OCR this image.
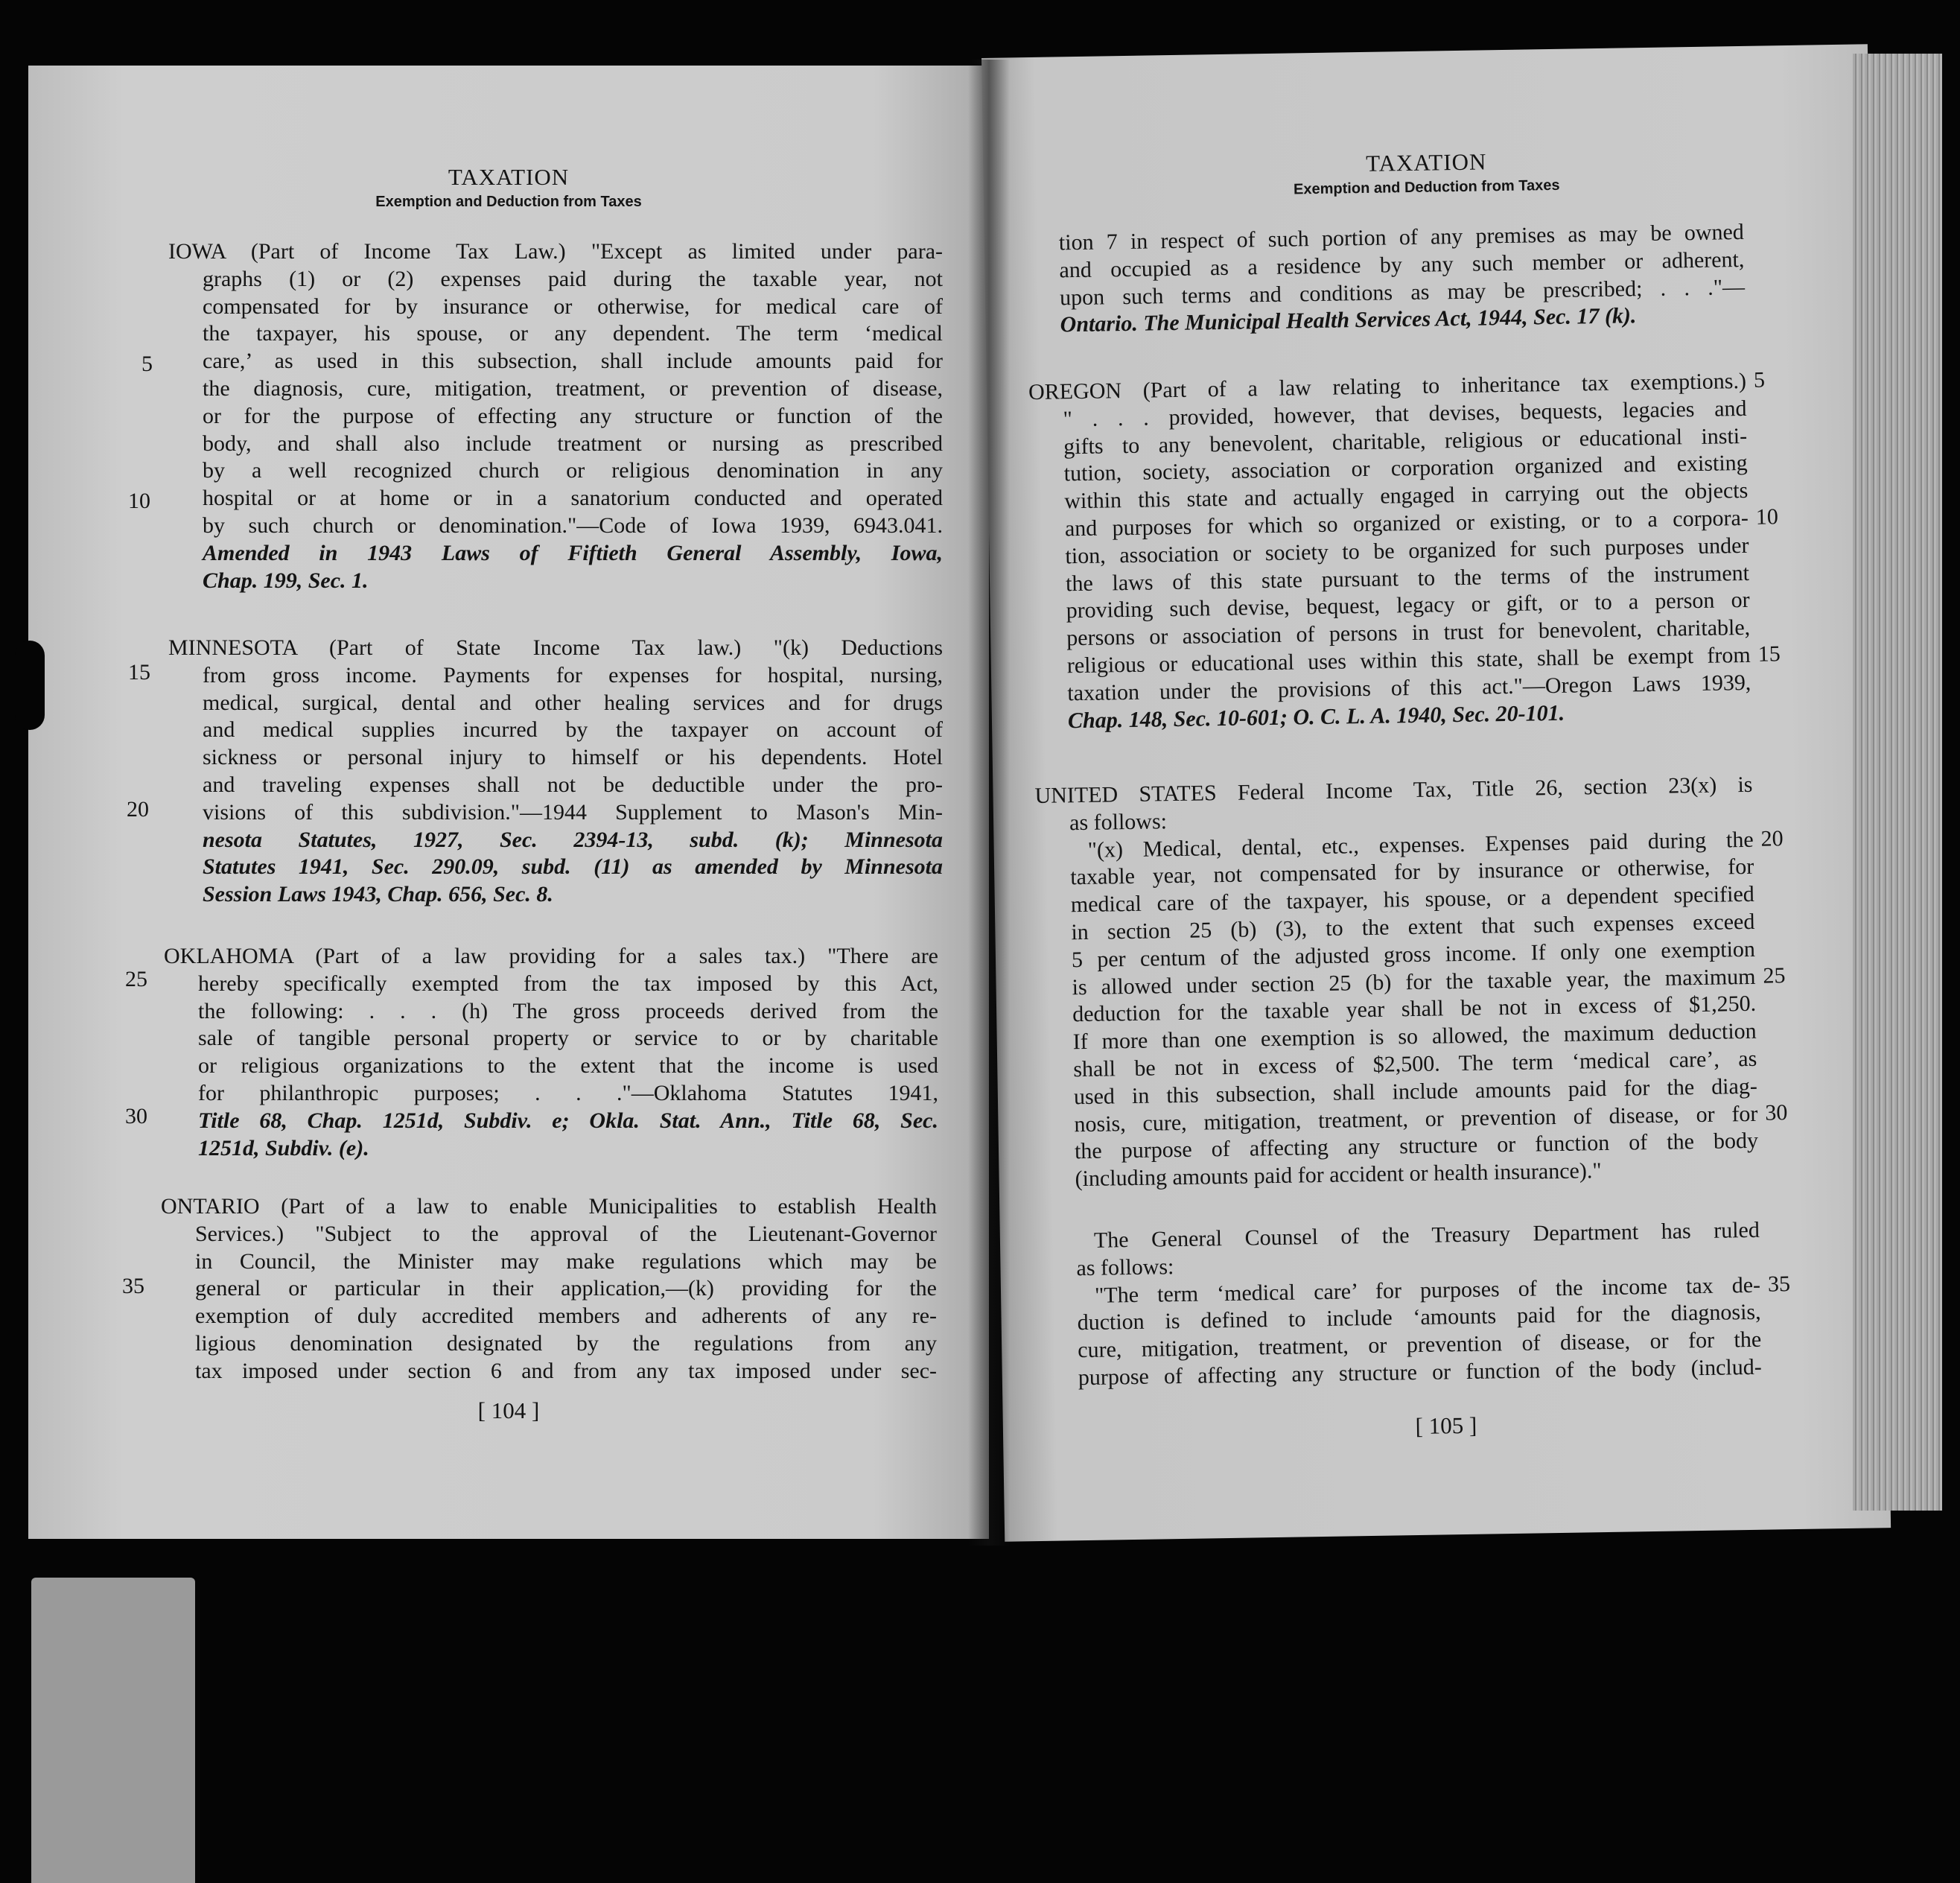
TAXATION
Exemption and Deduction from Taxes
IOWA (Part of Income Tax Law.) "Except as limited under para-
graphs (1) or (2) expenses paid during the taxable year, not
compensated for by insurance or otherwise, for medical care of
the taxpayer, his spouse, or any dependent. The term ‘medical
care,’ as used in this subsection, shall include amounts paid for
the diagnosis, cure, mitigation, treatment, or prevention of disease,
or for the purpose of effecting any structure or function of the
body, and shall also include treatment or nursing as prescribed
by a well recognized church or religious denomination in any
hospital or at home or in a sanatorium conducted and operated
by such church or denomination."—Code of Iowa 1939, 6943.041.
Amended in 1943 Laws of Fiftieth General Assembly, Iowa,
Chap. 199, Sec. 1.
MINNESOTA (Part of State Income Tax law.) "(k) Deductions
from gross income. Payments for expenses for hospital, nursing,
medical, surgical, dental and other healing services and for drugs
and medical supplies incurred by the taxpayer on account of
sickness or personal injury to himself or his dependents. Hotel
and traveling expenses shall not be deductible under the pro-
visions of this subdivision."—1944 Supplement to Mason's Min-
nesota Statutes, 1927, Sec. 2394-13, subd. (k); Minnesota
Statutes 1941, Sec. 290.09, subd. (11) as amended by Minnesota
Session Laws 1943, Chap. 656, Sec. 8.
OKLAHOMA (Part of a law providing for a sales tax.) "There are
hereby specifically exempted from the tax imposed by this Act,
the following: . . . (h) The gross proceeds derived from the
sale of tangible personal property or service to or by charitable
or religious organizations to the extent that the income is used
for philanthropic purposes; . . ."—Oklahoma Statutes 1941,
Title 68, Chap. 1251d, Subdiv. e; Okla. Stat. Ann., Title 68, Sec.
1251d, Subdiv. (e).
ONTARIO (Part of a law to enable Municipalities to establish Health
Services.) "Subject to the approval of the Lieutenant-Governor
in Council, the Minister may make regulations which may be
general or particular in their application,—(k) providing for the
exemption of duly accredited members and adherents of any re-
ligious denomination designated by the regulations from any
tax imposed under section 6 and from any tax imposed under sec-
5
10
15
20
25
30
35
[ 104 ]
TAXATION
Exemption and Deduction from Taxes
tion 7 in respect of such portion of any premises as may be owned
and occupied as a residence by any such member or adherent,
upon such terms and conditions as may be prescribed; . . ."—
Ontario. The Municipal Health Services Act, 1944, Sec. 17 (k).
OREGON (Part of a law relating to inheritance tax exemptions.)
" . . . provided, however, that devises, bequests, legacies and
gifts to any benevolent, charitable, religious or educational insti-
tution, society, association or corporation organized and existing
within this state and actually engaged in carrying out the objects
and purposes for which so organized or existing, or to a corpora-
tion, association or society to be organized for such purposes under
the laws of this state pursuant to the terms of the instrument
providing such devise, bequest, legacy or gift, or to a person or
persons or association of persons in trust for benevolent, charitable,
religious or educational uses within this state, shall be exempt from
taxation under the provisions of this act."—Oregon Laws 1939,
Chap. 148, Sec. 10-601; O. C. L. A. 1940, Sec. 20-101.
UNITED STATES Federal Income Tax, Title 26, section 23(x) is
as follows:
"(x) Medical, dental, etc., expenses. Expenses paid during the
taxable year, not compensated for by insurance or otherwise, for
medical care of the taxpayer, his spouse, or a dependent specified
in section 25 (b) (3), to the extent that such expenses exceed
5 per centum of the adjusted gross income. If only one exemption
is allowed under section 25 (b) for the taxable year, the maximum
deduction for the taxable year shall be not in excess of $1,250.
If more than one exemption is so allowed, the maximum deduction
shall be not in excess of $2,500. The term ‘medical care’, as
used in this subsection, shall include amounts paid for the diag-
nosis, cure, mitigation, treatment, or prevention of disease, or for
the purpose of affecting any structure or function of the body
(including amounts paid for accident or health insurance)."
The General Counsel of the Treasury Department has ruled
as follows:
"The term ‘medical care’ for purposes of the income tax de-
duction is defined to include ‘amounts paid for the diagnosis,
cure, mitigation, treatment, or prevention of disease, or for the
purpose of affecting any structure or function of the body (includ-
5
10
15
20
25
30
35
[ 105 ]
